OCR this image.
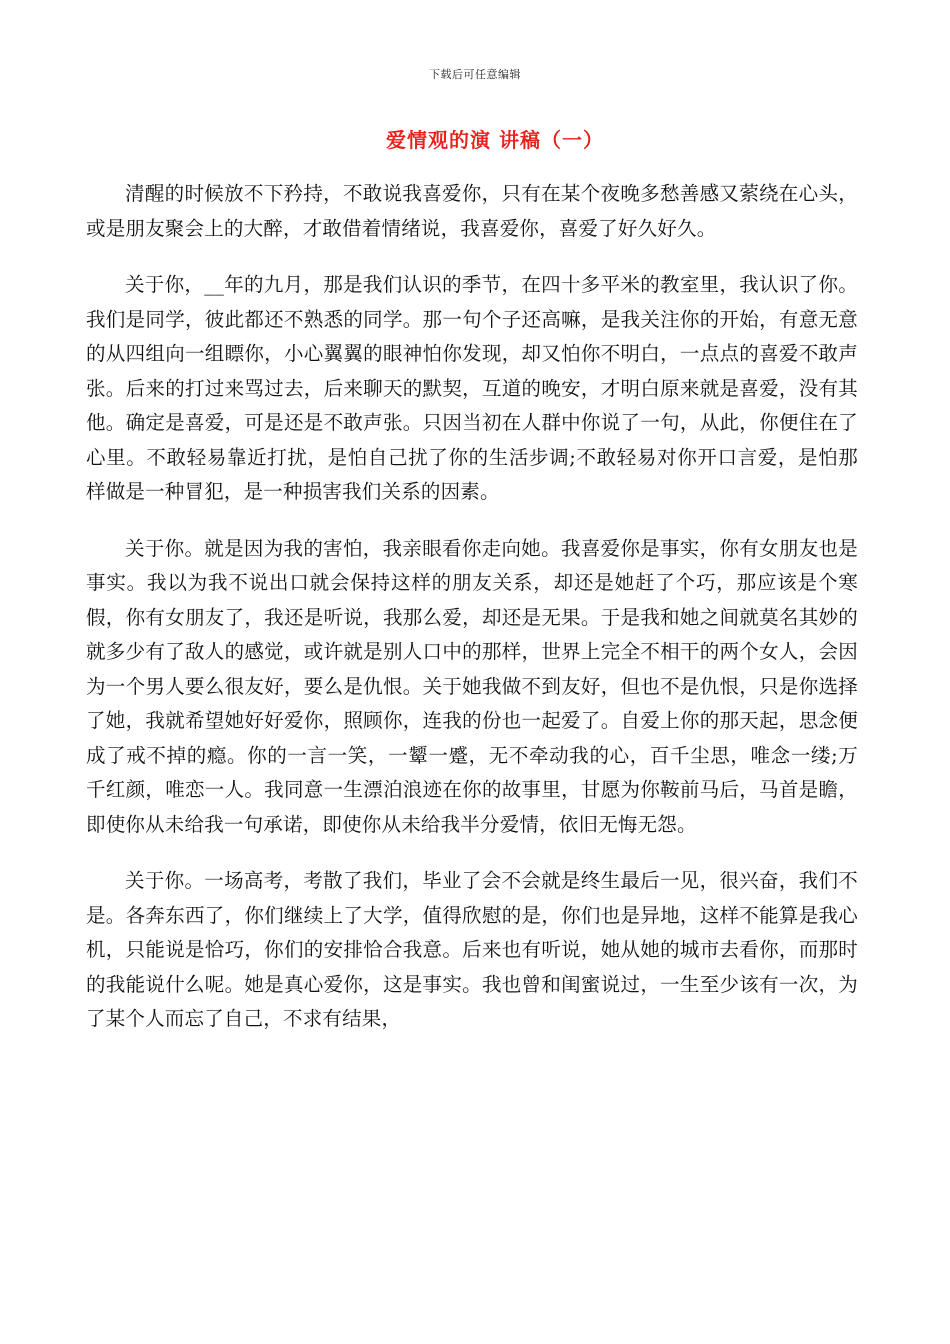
下载后可任意编辑
爱情观的演 讲稿（一）

清醒的时候放不下矜持，不敢说我喜爱你，只有在某个夜晚多愁善感又萦绕在心头，或是朋友聚会上的大醉，才敢借着情绪说，我喜爱你，喜爱了好久好久。

关于你，__年的九月，那是我们认识的季节，在四十多平米的教室里，我认识了你。我们是同学，彼此都还不熟悉的同学。那一句个子还高嘛，是我关注你的开始，有意无意的从四组向一组瞟你，小心翼翼的眼神怕你发现，却又怕你不明白，一点点的喜爱不敢声张。后来的打过来骂过去，后来聊天的默契，互道的晚安，才明白原来就是喜爱，没有其他。确定是喜爱，可是还是不敢声张。只因当初在人群中你说了一句，从此，你便住在了心里。不敢轻易靠近打扰，是怕自己扰了你的生活步调;不敢轻易对你开口言爱，是怕那样做是一种冒犯，是一种损害我们关系的因素。

关于你。就是因为我的害怕，我亲眼看你走向她。我喜爱你是事实，你有女朋友也是事实。我以为我不说出口就会保持这样的朋友关系，却还是她赶了个巧，那应该是个寒假，你有女朋友了，我还是听说，我那么爱，却还是无果。于是我和她之间就莫名其妙的就多少有了敌人的感觉，或许就是别人口中的那样，世界上完全不相干的两个女人，会因为一个男人要么很友好，要么是仇恨。关于她我做不到友好，但也不是仇恨，只是你选择了她，我就希望她好好爱你，照顾你，连我的份也一起爱了。自爱上你的那天起，思念便成了戒不掉的瘾。你的一言一笑，一颦一蹙，无不牵动我的心，百千尘思，唯念一缕;万千红颜，唯恋一人。我同意一生漂泊浪迹在你的故事里，甘愿为你鞍前马后，马首是瞻，即使你从未给我一句承诺，即使你从未给我半分爱情，依旧无悔无怨。

关于你。一场高考，考散了我们，毕业了会不会就是终生最后一见，很兴奋，我们不是。各奔东西了，你们继续上了大学，值得欣慰的是，你们也是异地，这样不能算是我心机，只能说是恰巧，你们的安排恰合我意。后来也有听说，她从她的城市去看你，而那时的我能说什么呢。她是真心爱你，这是事实。我也曾和闺蜜说过，一生至少该有一次，为了某个人而忘了自己，不求有结果，
